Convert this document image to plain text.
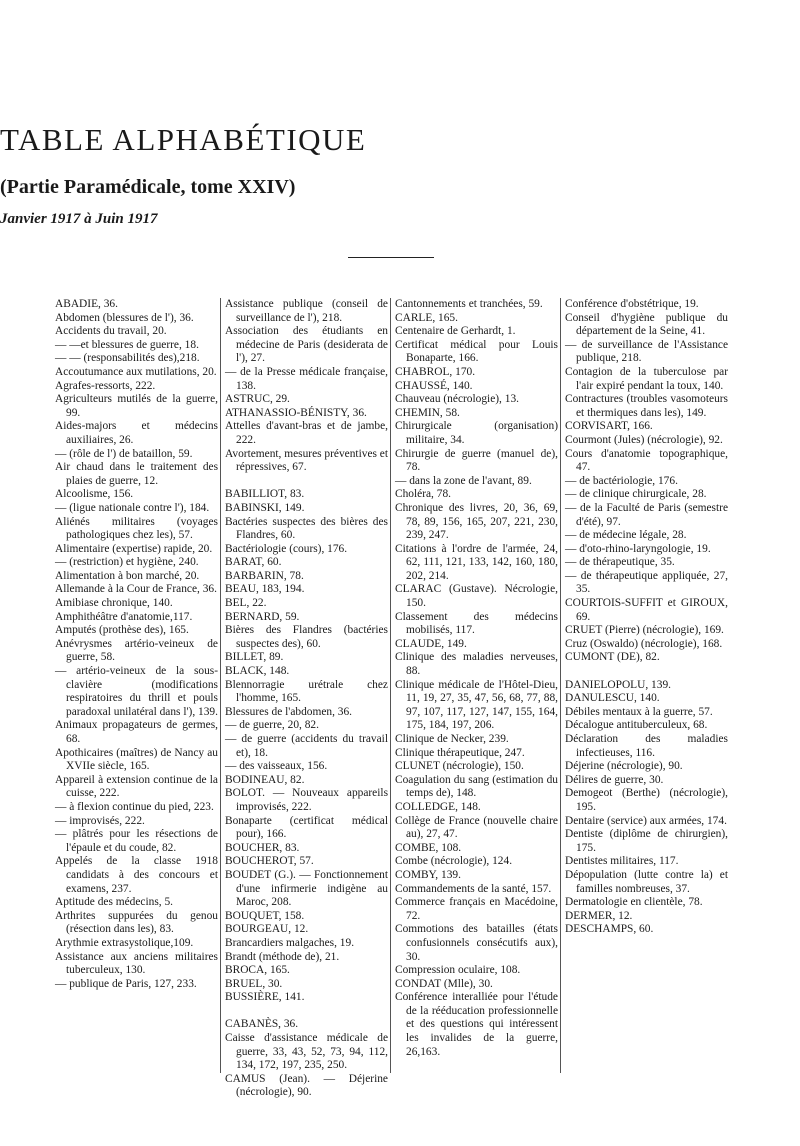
TABLE ALPHABÉTIQUE
(Partie Paramédicale, tome XXIV)

Janvier 1917 à Juin 1917

ABADIE, 36.

Abdomen (blessures de l'), 36.

Accidents du travail, 20.

— —et blessures de guerre, 18.

— — (responsabilités des),218.

Accoutumance aux mutilations, 20.

Agrafes-ressorts, 222.

Agriculteurs mutilés de la guerre, 99.

Aides-majors et médecins auxiliaires, 26.

— (rôle de l') de bataillon, 59.

Air chaud dans le traitement des plaies de guerre, 12.

Alcoolisme, 156.

— (ligue nationale contre l'), 184.

Aliénés militaires (voyages pathologiques chez les), 57.

Alimentaire (expertise) rapide, 20.

— (restriction) et hygiène, 240.

Alimentation à bon marché, 20.

Allemande à la Cour de France, 36.

Amibiase chronique, 140.

Amphithéâtre d'anatomie,117.

Amputés (prothèse des), 165.

Anévrysmes artério-veineux de guerre, 58.

— artério-veineux de la sous-clavière (modifications respiratoires du thrill et pouls paradoxal unilatéral dans l'), 139.

Animaux propagateurs de germes, 68.

Apothicaires (maîtres) de Nancy au XVIIe siècle, 165.

Appareil à extension continue de la cuisse, 222.

— à flexion continue du pied, 223.

— improvisés, 222.

— plâtrés pour les résections de l'épaule et du coude, 82.

Appelés de la classe 1918 candidats à des concours et examens, 237.

Aptitude des médecins, 5.

Arthrites suppurées du genou (résection dans les), 83.

Arythmie extrasystolique,109.

Assistance aux anciens militaires tuberculeux, 130.

— publique de Paris, 127, 233.

Assistance publique (conseil de surveillance de l'), 218.

Association des étudiants en médecine de Paris (desiderata de l'), 27.

— de la Presse médicale française, 138.

ASTRUC, 29.

ATHANASSIO-BÉNISTY, 36.

Attelles d'avant-bras et de jambe, 222.

Avortement, mesures préventives et répressives, 67.

BABILLIOT, 83.

BABINSKI, 149.

Bactéries suspectes des bières des Flandres, 60.

Bactériologie (cours), 176.

BARAT, 60.

BARBARIN, 78.

BEAU, 183, 194.

BEL, 22.

BERNARD, 59.

Bières des Flandres (bactéries suspectes des), 60.

BILLET, 89.

BLACK, 148.

Blennorragie urétrale chez l'homme, 165.

Blessures de l'abdomen, 36.

— de guerre, 20, 82.

— de guerre (accidents du travail et), 18.

— des vaisseaux, 156.

BODINEAU, 82.

BOLOT. — Nouveaux appareils improvisés, 222.

Bonaparte (certificat médical pour), 166.

BOUCHER, 83.

BOUCHEROT, 57.

BOUDET (G.). — Fonctionnement d'une infirmerie indigène au Maroc, 208.

BOUQUET, 158.

BOURGEAU, 12.

Brancardiers malgaches, 19.

Brandt (méthode de), 21.

BROCA, 165.

BRUEL, 30.

BUSSIÈRE, 141.

CABANÈS, 36.

Caisse d'assistance médicale de guerre, 33, 43, 52, 73, 94, 112, 134, 172, 197, 235, 250.

CAMUS (Jean). — Déjerine (nécrologie), 90.

Cantonnements et tranchées, 59.

CARLE, 165.

Centenaire de Gerhardt, 1.

Certificat médical pour Louis Bonaparte, 166.

CHABROL, 170.

CHAUSSÉ, 140.

Chauveau (nécrologie), 13.

CHEMIN, 58.

Chirurgicale (organisation) militaire, 34.

Chirurgie de guerre (manuel de), 78.

— dans la zone de l'avant, 89.

Choléra, 78.

Chronique des livres, 20, 36, 69, 78, 89, 156, 165, 207, 221, 230, 239, 247.

Citations à l'ordre de l'armée, 24, 62, 111, 121, 133, 142, 160, 180, 202, 214.

CLARAC (Gustave). Nécrologie, 150.

Classement des médecins mobilisés, 117.

CLAUDE, 149.

Clinique des maladies nerveuses, 88.

Clinique médicale de l'Hôtel-Dieu, 11, 19, 27, 35, 47, 56, 68, 77, 88, 97, 107, 117, 127, 147, 155, 164, 175, 184, 197, 206.

Clinique de Necker, 239.

Clinique thérapeutique, 247.

CLUNET (nécrologie), 150.

Coagulation du sang (estimation du temps de), 148.

COLLEDGE, 148.

Collège de France (nouvelle chaire au), 27, 47.

COMBE, 108.

Combe (nécrologie), 124.

COMBY, 139.

Commandements de la santé, 157.

Commerce français en Macédoine, 72.

Commotions des batailles (états confusionnels consécutifs aux), 30.

Compression oculaire, 108.

CONDAT (Mlle), 30.

Conférence interalliée pour l'étude de la rééducation professionnelle et des questions qui intéressent les invalides de la guerre, 26,163.

Conférence d'obstétrique, 19.

Conseil d'hygiène publique du département de la Seine, 41.

— de surveillance de l'Assistance publique, 218.

Contagion de la tuberculose par l'air expiré pendant la toux, 140.

Contractures (troubles vasomoteurs et thermiques dans les), 149.

CORVISART, 166.

Courmont (Jules) (nécrologie), 92.

Cours d'anatomie topographique, 47.

— de bactériologie, 176.

— de clinique chirurgicale, 28.

— de la Faculté de Paris (semestre d'été), 97.

— de médecine légale, 28.

— d'oto-rhino-laryngologie, 19.

— de thérapeutique, 35.

— de thérapeutique appliquée, 27, 35.

COURTOIS-SUFFIT et GIROUX, 69.

CRUET (Pierre) (nécrologie), 169.

Cruz (Oswaldo) (nécrologie), 168.

CUMONT (DE), 82.

DANIELOPOLU, 139.

DANULESCU, 140.

Débiles mentaux à la guerre, 57.

Décalogue antituberculeux, 68.

Déclaration des maladies infectieuses, 116.

Déjerine (nécrologie), 90.

Délires de guerre, 30.

Demogeot (Berthe) (nécrologie), 195.

Dentaire (service) aux armées, 174.

Dentiste (diplôme de chirurgien), 175.

Dentistes militaires, 117.

Dépopulation (lutte contre la) et familles nombreuses, 37.

Dermatologie en clientèle, 78.

DERMER, 12.

DESCHAMPS, 60.
